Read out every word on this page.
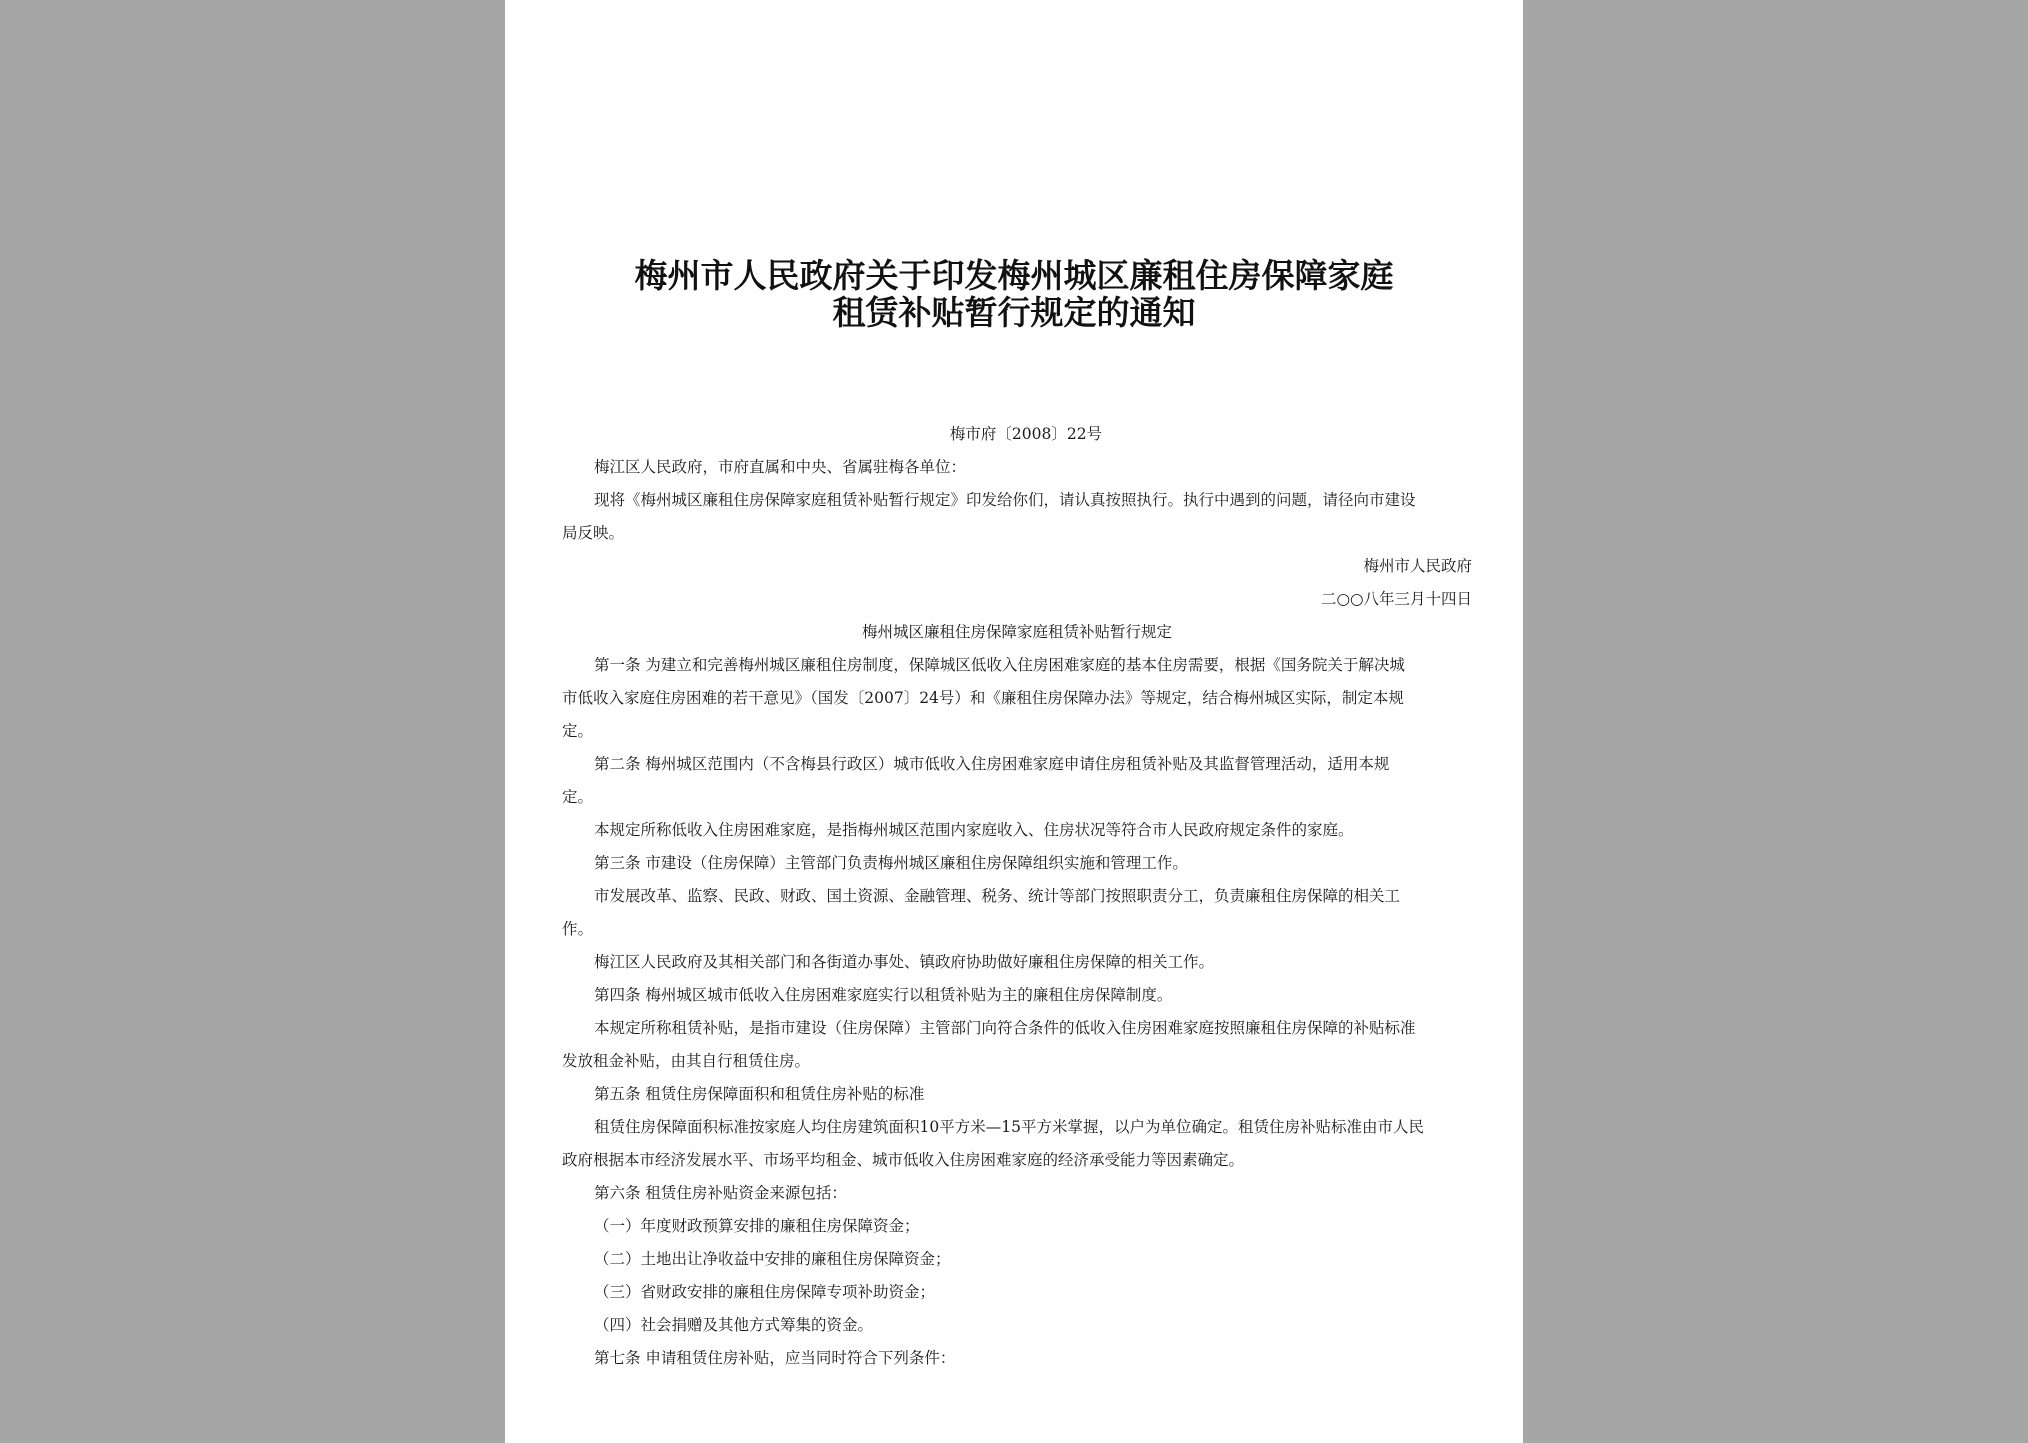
梅州市人民政府关于印发梅州城区廉租住房保障家庭
租赁补贴暂行规定的通知
梅市府〔2008〕22号
梅江区人民政府，市府直属和中央、省属驻梅各单位：
现将《梅州城区廉租住房保障家庭租赁补贴暂行规定》印发给你们，请认真按照执行。执行中遇到的问题，请径向市建设
局反映。
梅州市人民政府
二○○八年三月十四日
梅州城区廉租住房保障家庭租赁补贴暂行规定
第一条 为建立和完善梅州城区廉租住房制度，保障城区低收入住房困难家庭的基本住房需要，根据《国务院关于解决城
市低收入家庭住房困难的若干意见》（国发〔2007〕24号）和《廉租住房保障办法》等规定，结合梅州城区实际，制定本规
定。
第二条 梅州城区范围内（不含梅县行政区）城市低收入住房困难家庭申请住房租赁补贴及其监督管理活动，适用本规
定。
本规定所称低收入住房困难家庭，是指梅州城区范围内家庭收入、住房状况等符合市人民政府规定条件的家庭。
第三条 市建设（住房保障）主管部门负责梅州城区廉租住房保障组织实施和管理工作。
市发展改革、监察、民政、财政、国土资源、金融管理、税务、统计等部门按照职责分工，负责廉租住房保障的相关工
作。
梅江区人民政府及其相关部门和各街道办事处、镇政府协助做好廉租住房保障的相关工作。
第四条 梅州城区城市低收入住房困难家庭实行以租赁补贴为主的廉租住房保障制度。
本规定所称租赁补贴，是指市建设（住房保障）主管部门向符合条件的低收入住房困难家庭按照廉租住房保障的补贴标准
发放租金补贴，由其自行租赁住房。
第五条 租赁住房保障面积和租赁住房补贴的标准
租赁住房保障面积标准按家庭人均住房建筑面积10平方米—15平方米掌握，以户为单位确定。租赁住房补贴标准由市人民
政府根据本市经济发展水平、市场平均租金、城市低收入住房困难家庭的经济承受能力等因素确定。
第六条 租赁住房补贴资金来源包括：
（一）年度财政预算安排的廉租住房保障资金；
（二）土地出让净收益中安排的廉租住房保障资金；
（三）省财政安排的廉租住房保障专项补助资金；
（四）社会捐赠及其他方式筹集的资金。
第七条 申请租赁住房补贴，应当同时符合下列条件：
